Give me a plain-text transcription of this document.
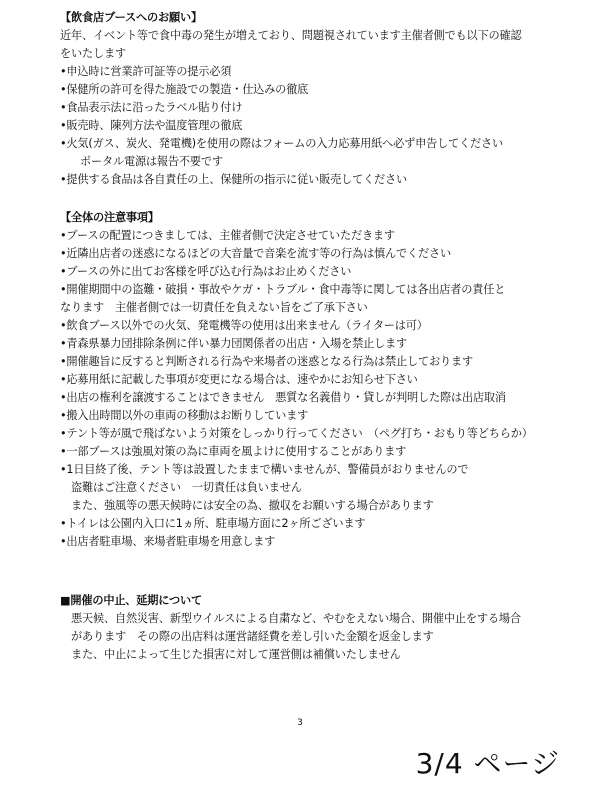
【飲食店ブースへのお願い】
近年、イベント等で食中毒の発生が増えており、問題視されています主催者側でも以下の確認
をいたします
•申込時に営業許可証等の提示必須
•保健所の許可を得た施設での製造・仕込みの徹底
•食品表示法に沿ったラベル貼り付け
•販売時、陳列方法や温度管理の徹底
•火気(ガス、炭火、発電機)を使用の際はフォームの入力応募用紙へ必ず申告してください
ポータル電源は報告不要です
•提供する食品は各自責任の上、保健所の指示に従い販売してください
【全体の注意事項】
•ブースの配置につきましては、主催者側で決定させていただきます
•近隣出店者の迷惑になるほどの大音量で音楽を流す等の行為は慎んでください
•ブースの外に出てお客様を呼び込む行為はお止めください
•開催期間中の盗難・破損・事故やケガ・トラブル・食中毒等に関しては各出店者の責任と
なります　主催者側では一切責任を負えない旨をご了承下さい
•飲食ブース以外での火気、発電機等の使用は出来ません（ライターは可）
•青森県暴力団排除条例に伴い暴力団関係者の出店・入場を禁止します
•開催趣旨に反すると判断される行為や来場者の迷惑となる行為は禁止しております
•応募用紙に記載した事項が変更になる場合は、速やかにお知らせ下さい
•出店の権利を譲渡することはできません　悪質な名義借り・貸しが判明した際は出店取消
•搬入出時間以外の車両の移動はお断りしています
•テント等が風で飛ばないよう対策をしっかり行ってください　（ペグ打ち・おもり等どちらか）
•一部ブースは強風対策の為に車両を風よけに使用することがあります
•1日目終了後、テント等は設置したままで構いませんが、警備員がおりませんので
盗難はご注意ください　一切責任は負いません
また、強風等の悪天候時には安全の為、撤収をお願いする場合があります
•トイレは公園内入口に1ヵ所、駐車場方面に2ヶ所ございます
•出店者駐車場、来場者駐車場を用意します
■開催の中止、延期について
悪天候、自然災害、新型ウイルスによる自粛など、やむをえない場合、開催中止をする場合
があります　その際の出店料は運営諸経費を差し引いた金額を返金します
また、中止によって生じた損害に対して運営側は補償いたしません
3
3/4 ページ
